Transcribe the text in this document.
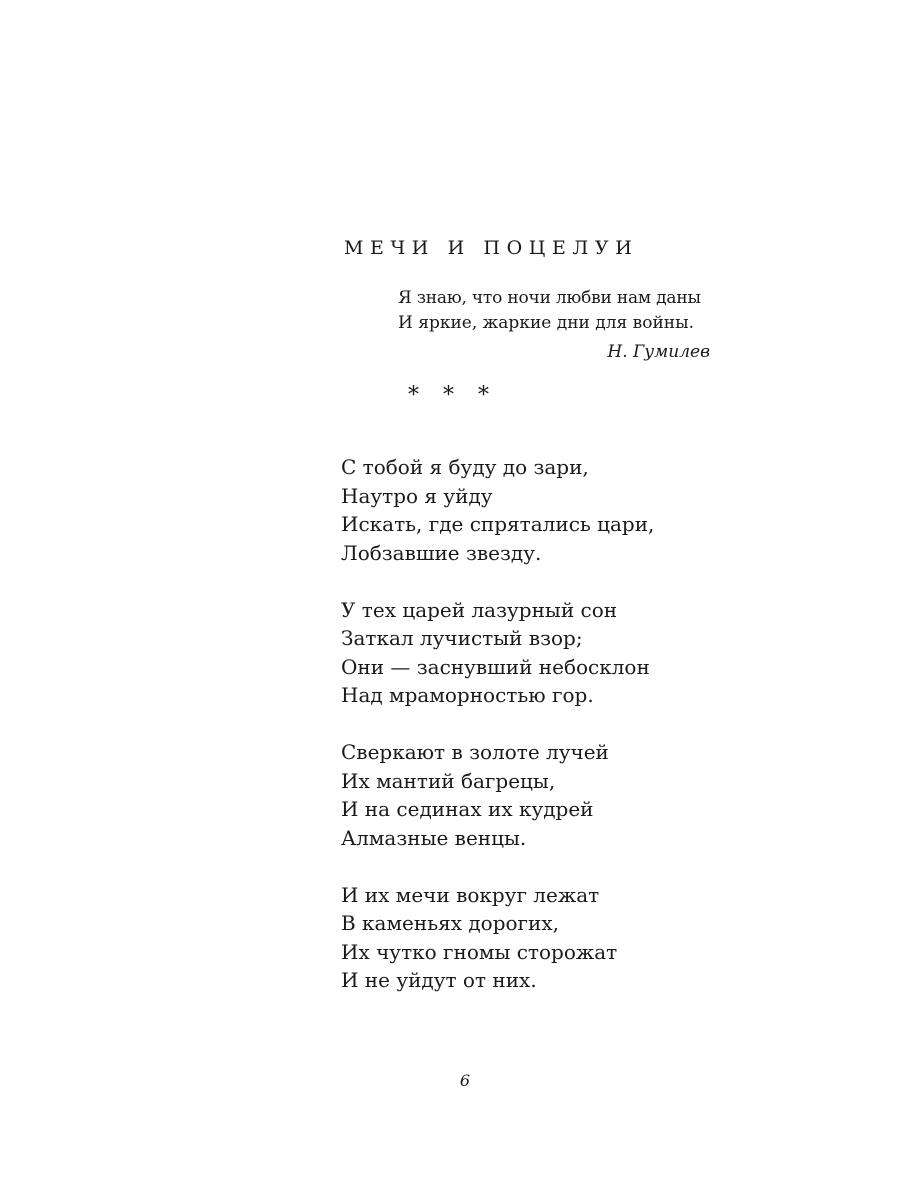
МЕЧИ И ПОЦЕЛУИ
Я знаю, что ночи любви нам даны
И яркие, жаркие дни для войны.
Н. Гумилев
***
С тобой я буду до зари,
Наутро я уйду
Искать, где спрятались цари,
Лобзавшие звезду.
У тех царей лазурный сон
Заткал лучистый взор;
Они — заснувший небосклон
Над мраморностью гор.
Сверкают в золоте лучей
Их мантий багрецы,
И на сединах их кудрей
Алмазные венцы.
И их мечи вокруг лежат
В каменьях дорогих,
Их чутко гномы сторожат
И не уйдут от них.
6
